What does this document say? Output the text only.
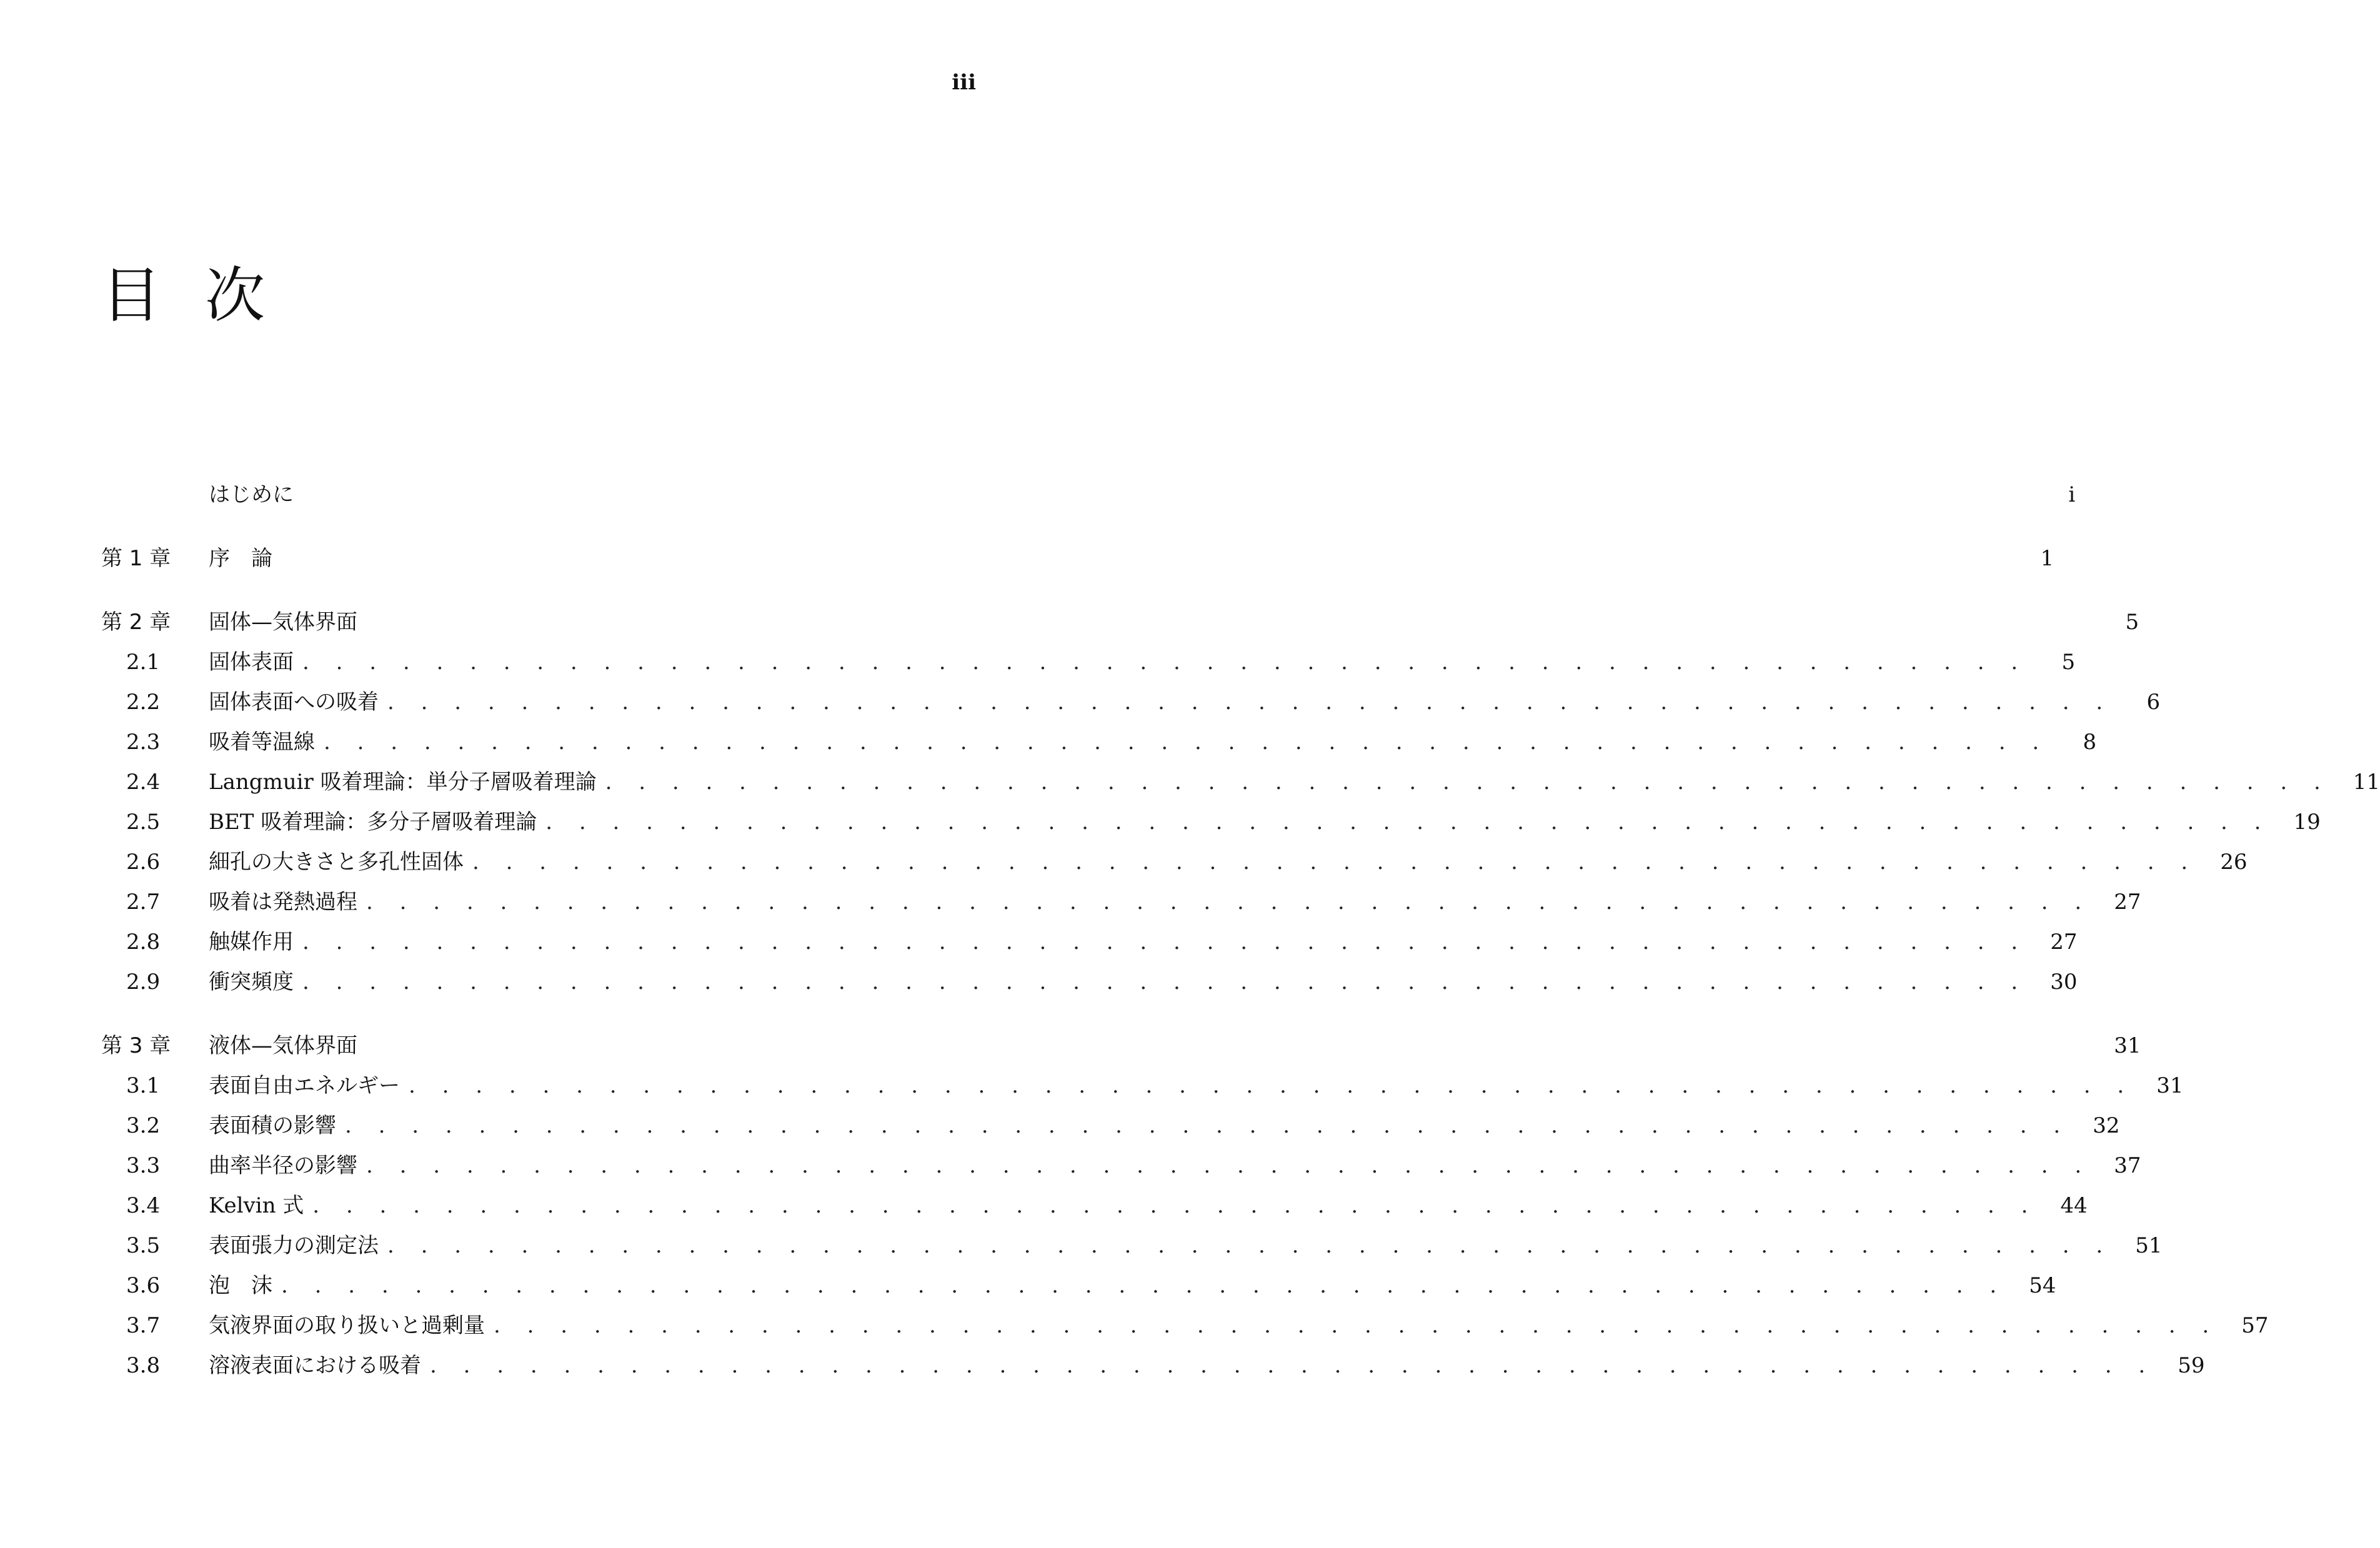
iii
目次
はじめに	i
第 1 章	序　論	1
第 2 章	固体—気体界面	5
2.1	固体表面 . . . . . . . . . . . . . . . . . . . . . . . . . . . . . . . . . . . . . . . . . . . . . . . . . . . .	5
2.2	固体表面への吸着 . . . . . . . . . . . . . . . . . . . . . . . . . . . . . . . . . . . . . . . . . . . . . . . . . . . .	6
2.3	吸着等温線 . . . . . . . . . . . . . . . . . . . . . . . . . . . . . . . . . . . . . . . . . . . . . . . . . . . .	8
2.4	Langmuir 吸着理論：単分子層吸着理論 . . . . . . . . . . . . . . . . . . . . . . . . . . . . . . . . . . . . . . . . . . . . . . . . . . . . 11
2.5	BET 吸着理論：多分子層吸着理論 . . . . . . . . . . . . . . . . . . . . . . . . . . . . . . . . . . . . . . . . . . . . . . . . . . . . 19
2.6	細孔の大きさと多孔性固体 . . . . . . . . . . . . . . . . . . . . . . . . . . . . . . . . . . . . . . . . . . . . . . . . . . . . 26
2.7	吸着は発熱過程 . . . . . . . . . . . . . . . . . . . . . . . . . . . . . . . . . . . . . . . . . . . . . . . . . . . . 27
2.8	触媒作用 . . . . . . . . . . . . . . . . . . . . . . . . . . . . . . . . . . . . . . . . . . . . . . . . . . . . 27
2.9	衝突頻度 . . . . . . . . . . . . . . . . . . . . . . . . . . . . . . . . . . . . . . . . . . . . . . . . . . . . 30
第 3 章	液体—気体界面	31
3.1	表面自由エネルギー . . . . . . . . . . . . . . . . . . . . . . . . . . . . . . . . . . . . . . . . . . . . . . . . . . . . 31
3.2	表面積の影響 . . . . . . . . . . . . . . . . . . . . . . . . . . . . . . . . . . . . . . . . . . . . . . . . . . . . 32
3.3	曲率半径の影響 . . . . . . . . . . . . . . . . . . . . . . . . . . . . . . . . . . . . . . . . . . . . . . . . . . . . 37
3.4	Kelvin 式 . . . . . . . . . . . . . . . . . . . . . . . . . . . . . . . . . . . . . . . . . . . . . . . . . . . . 44
3.5	表面張力の測定法 . . . . . . . . . . . . . . . . . . . . . . . . . . . . . . . . . . . . . . . . . . . . . . . . . . . . 51
3.6	泡　沫 . . . . . . . . . . . . . . . . . . . . . . . . . . . . . . . . . . . . . . . . . . . . . . . . . . . . 54
3.7	気液界面の取り扱いと過剰量 . . . . . . . . . . . . . . . . . . . . . . . . . . . . . . . . . . . . . . . . . . . . . . . . . . . . 57
3.8	溶液表面における吸着 . . . . . . . . . . . . . . . . . . . . . . . . . . . . . . . . . . . . . . . . . . . . . . . . . . . . 59
